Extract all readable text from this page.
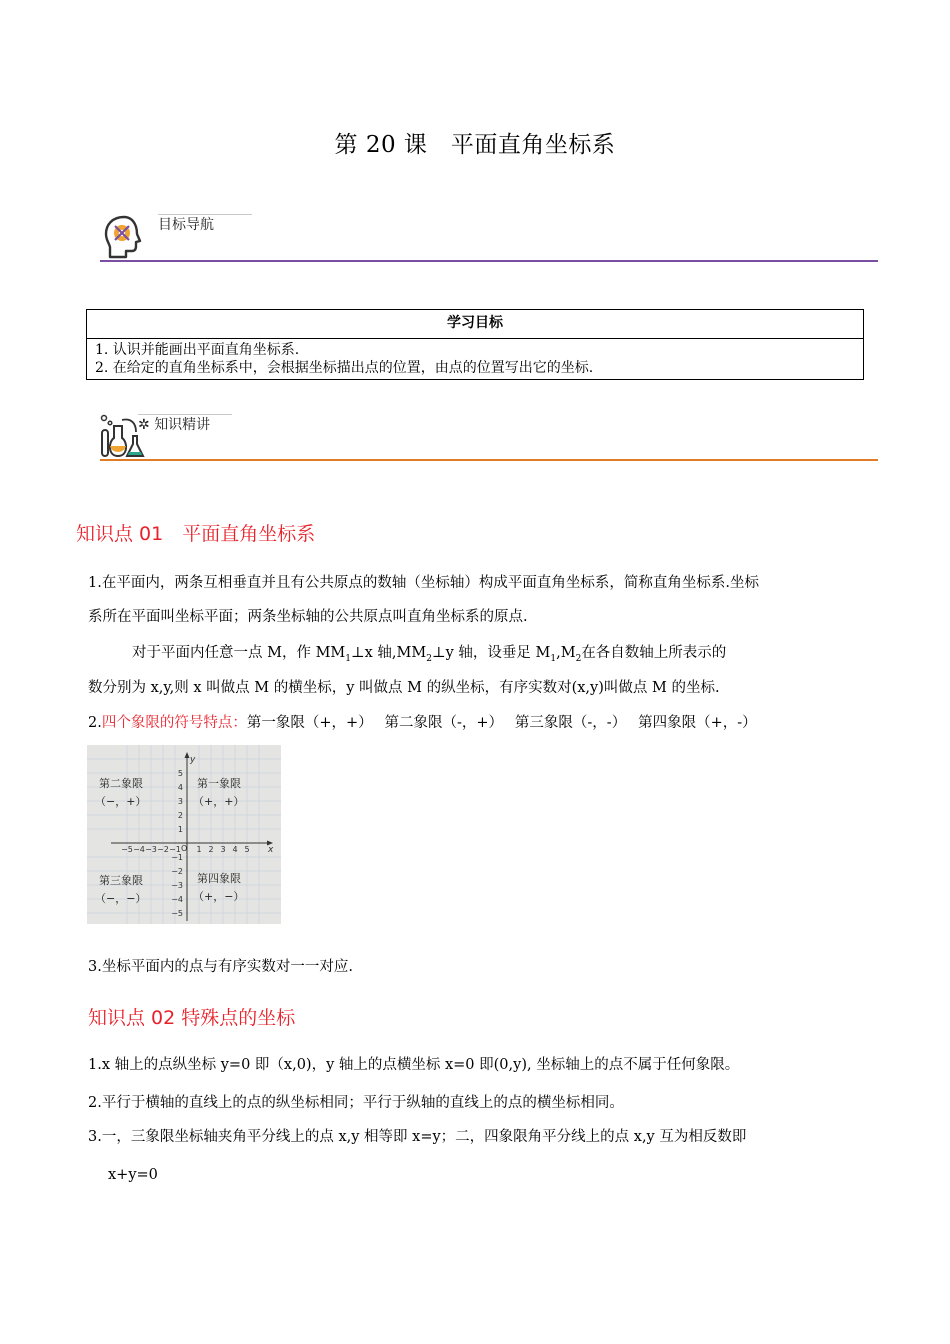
第 20 课　平面直角坐标系
目标导航
学习目标

1. 认识并能画出平面直角坐标系.
2. 在给定的直角坐标系中，会根据坐标描出点的位置，由点的位置写出它的坐标.
✲ 知识精讲
知识点 01　平面直角坐标系
1.在平面内，两条互相垂直并且有公共原点的数轴（坐标轴）构成平面直角坐标系，简称直角坐标系.坐标
系所在平面叫坐标平面；两条坐标轴的公共原点叫直角坐标系的原点.
对于平面内任意一点 M，作 $MM_1\perp x$ 轴$,MM_2\perp y$ 轴，设垂足 $M_1,M_2$在各自数轴上所表示的
数分别为 x,y,则 x 叫做点 M 的横坐标，y 叫做点 M 的纵坐标，有序实数对(x,y)叫做点 M 的坐标.
2.四个象限的符号特点：第一象限（+，+）　 第二象限（-，+）　 第三象限（-，-）　 第四象限（+，-）
y
x
O
−5 −4 −3 −2 −1 1 2 3 4 5
5
4
3
2
1
−1
−2
−3
−4
−5
第二象限
（−，+）
第一象限
（+，+）
第三象限
（−，−）
第四象限
（+，−）
3.坐标平面内的点与有序实数对一一对应.
知识点 02 特殊点的坐标
1.x 轴上的点纵坐标 y=0 即（x,0)，y 轴上的点横坐标 x=0 即(0,y), 坐标轴上的点不属于任何象限。
2.平行于横轴的直线上的点的纵坐标相同；平行于纵轴的直线上的点的横坐标相同。
3.一，三象限坐标轴夹角平分线上的点 x,y 相等即 x=y；二，四象限角平分线上的点 x,y 互为相反数即
x+y=0
